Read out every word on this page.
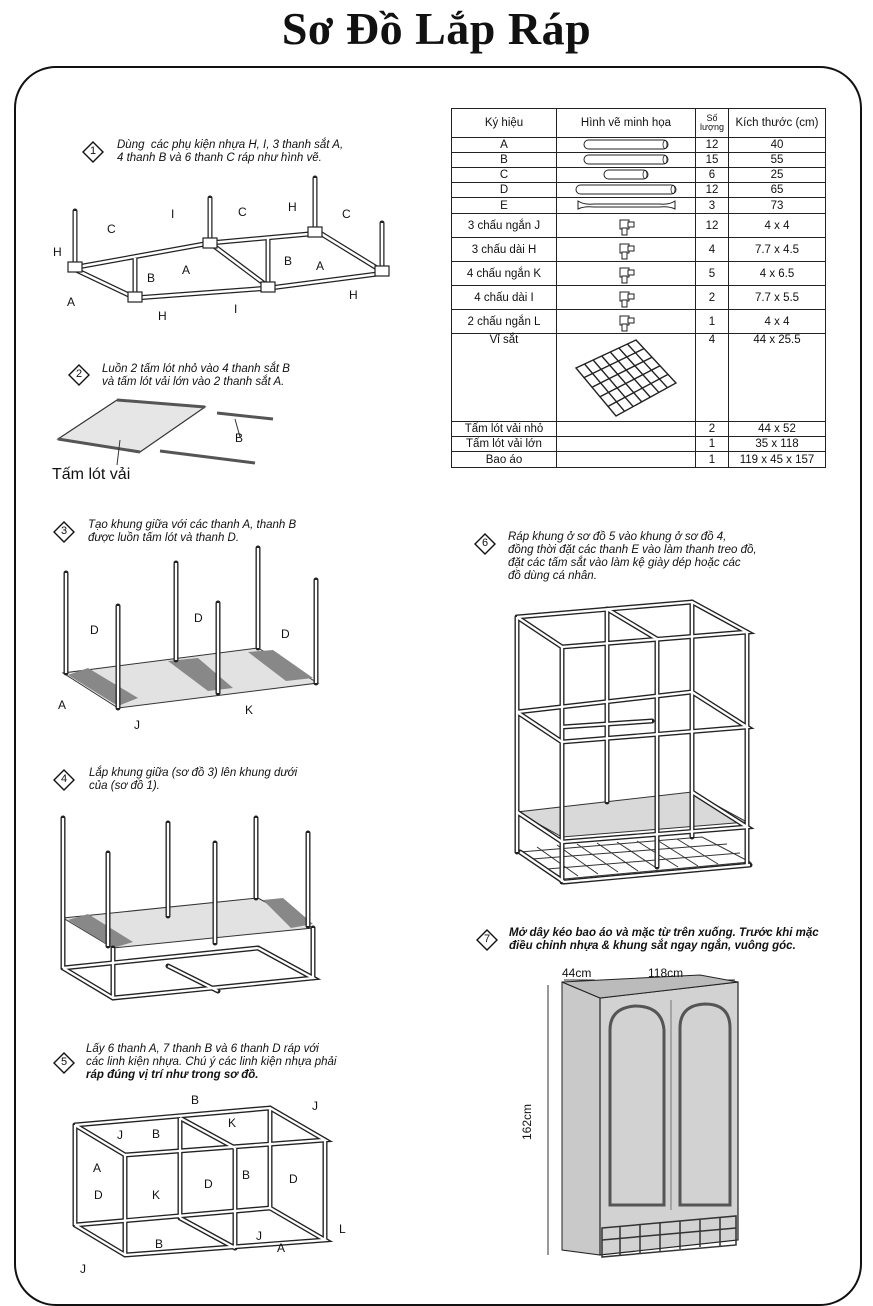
Sơ Đồ Lắp Ráp
Ký hiệu	Hình vẽ minh họa	Số lượng	Kích thước (cm)
A		12	40
B		15	55
C		6	25
D		12	65
E		3	73
3 chấu ngắn J		12	4 x 4
3 chấu dài H		4	7.7 x 4.5
4 chấu ngắn K		5	4 x 6.5
4 chấu dài I		2	7.7 x 5.5
2 chấu ngắn L		1	4 x 4
Vỉ sắt		4	44 x 25.5
Tấm lót vải nhỏ		2	44 x 52
Tấm lót vải lớn		1	35 x 118
Bao áo		1	119 x 45 x 157
1	Dùng  các phụ kiện nhựa H, I, 3 thanh sắt A,
4 thanh B và 6 thanh C ráp như hình vẽ.
H
C
I	C	H	C
B
A
B A
A
H	I
H
2	Luồn 2 tấm lót nhỏ vào 4 thanh sắt B
và tấm lót vải lớn vào 2 thanh sắt A.
B
Tấm lót vải
3	Tạo khung giữa với các thanh A, thanh B
được luồn tấm lót và thanh D.
D
D
D
A
J
K
4	Lắp khung giữa (sơ đồ 3) lên khung dưới
của (sơ đồ 1).
5
Lấy 6 thanh A, 7 thanh B và 6 thanh D ráp với
các linh kiện nhựa. Chú ý các linh kiện nhựa phải
ráp đúng vị trí như trong sơ đồ.
B	J
K
J B
A
D
D
B	D
K
J
B	A
L
J
6	Ráp khung ở sơ đồ 5 vào khung ở sơ đồ 4,
đồng thời đặt các thanh E vào làm thanh treo đồ,
đặt các tấm sắt vào làm kệ giày dép hoặc các
đồ dùng cá nhân.
7	Mở dây kéo bao áo và mặc từ trên xuống. Trước khi mặc
điều chỉnh nhựa & khung sắt ngay ngắn, vuông góc.
44cm	118cm
162cm
